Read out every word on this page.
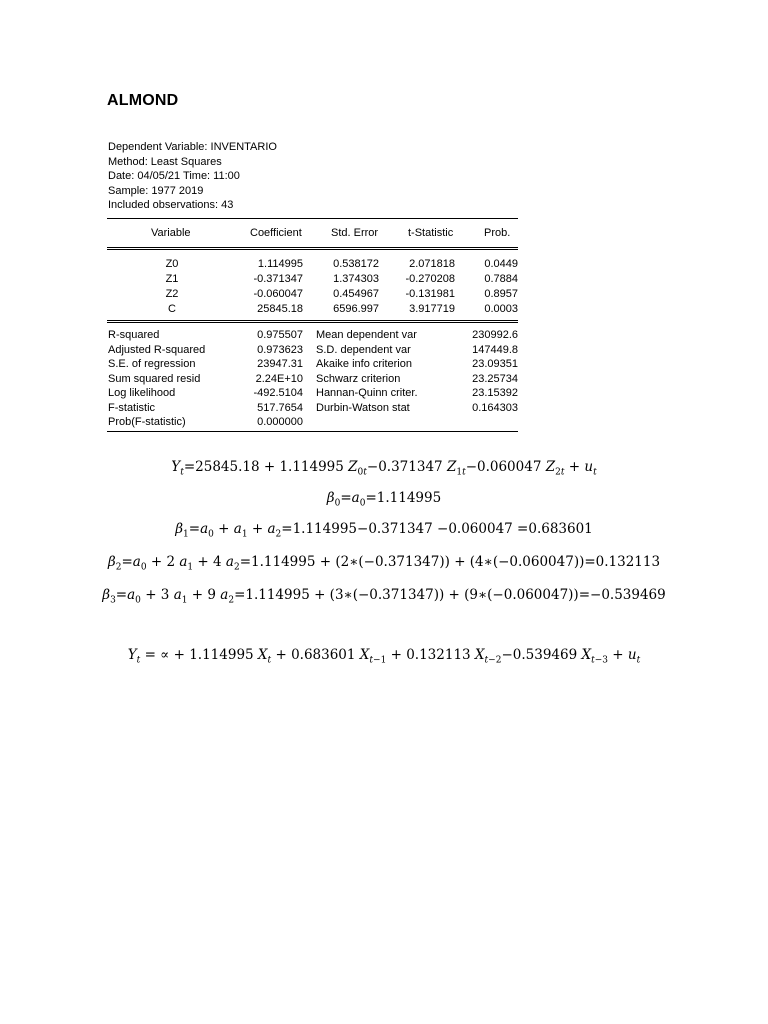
ALMOND
Dependent Variable: INVENTARIO
Method: Least Squares
Date: 04/05/21 Time: 11:00
Sample: 1977 2019
Included observations: 43
Variable	Coefficient	Std. Error	t-Statistic	Prob.
Z0	1.114995	0.538172	2.071818	0.0449
Z1	-0.371347	1.374303 -0.270208	0.7884
Z2	-0.060047	0.454967 -0.131981	0.8957
C	25845.18	6596.997	3.917719	0.0003
R-squared	0.975507 Mean dependent var	230992.6
Adjusted R-squared	0.973623 S.D. dependent var	147449.8
S.E. of regression	23947.31 Akaike info criterion	23.09351
Sum squared resid	2.24E+10 Schwarz criterion	23.25734
Log likelihood	-492.5104 Hannan-Quinn criter.	23.15392
F-statistic	517.7654 Durbin-Watson stat	0.164303
Prob(F-statistic)	0.000000
$Y_t=25845.18 + 1.114995$ $Z_{0t}-0.371347$ $Z_{1t}-0.060047$ $Z_{2t} + u_t$
$\beta_0=a_0=1.114995$
$\beta_1=a_0 + a_1 + a_2=1.114995-0.371347 -0.060047 =0.683601$
$\beta_2=a_0 + 2$ $a_1 + 4$ $a_2=1.114995$ + (2∗(−0.371347)) + (4∗(−0.060047))=0.132113
$\beta_3=a_0 + 3$ $a_1 + 9$ $a_2=1.114995$ + (3∗(−0.371347)) + (9∗(−0.060047))=−0.539469
$Y_t$ = ∝ + 1.114995 $X_t + 0.683601$ $X_{t-1} + 0.132113$ $X_{t-2}-0.539469$ $X_{t-3} + u_t$
